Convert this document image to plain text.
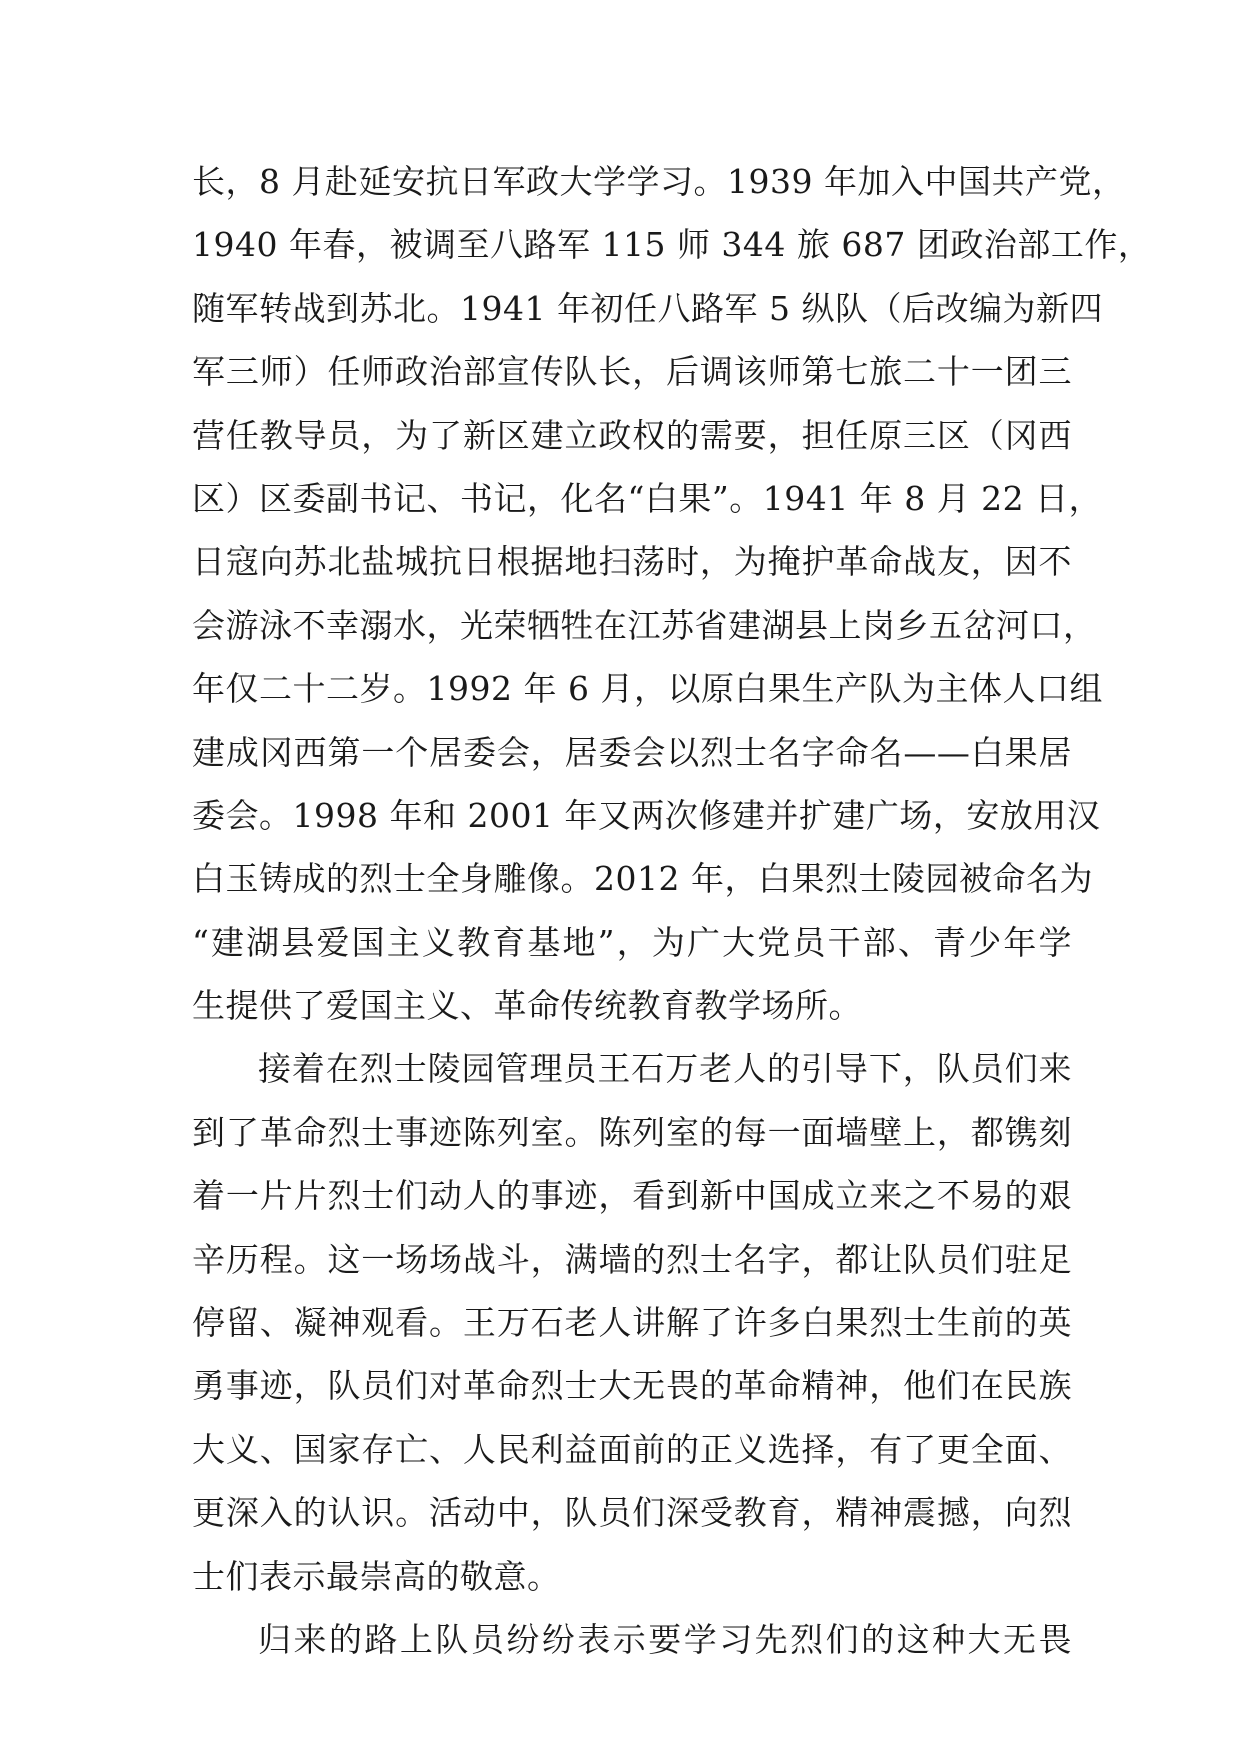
长，8 月赴延安抗日军政大学学习。1939 年加入中国共产党，
1940 年春，被调至八路军 115 师 344 旅 687 团政治部工作，
随军转战到苏北。1941 年初任八路军 5 纵队（后改编为新四
军三师）任师政治部宣传队长，后调该师第七旅二十一团三
营任教导员，为了新区建立政权的需要，担任原三区（冈西
区）区委副书记、书记，化名“白果”。1941 年 8 月 22 日，
日寇向苏北盐城抗日根据地扫荡时，为掩护革命战友，因不
会游泳不幸溺水，光荣牺牲在江苏省建湖县上岗乡五岔河口，
年仅二十二岁。1992 年 6 月，以原白果生产队为主体人口组
建成冈西第一个居委会，居委会以烈士名字命名——白果居
委会。1998 年和 2001 年又两次修建并扩建广场，安放用汉
白玉铸成的烈士全身雕像。2012 年，白果烈士陵园被命名为
“建湖县爱国主义教育基地”，为广大党员干部、青少年学
生提供了爱国主义、革命传统教育教学场所。
接着在烈士陵园管理员王石万老人的引导下，队员们来
到了革命烈士事迹陈列室。陈列室的每一面墙壁上，都镌刻
着一片片烈士们动人的事迹，看到新中国成立来之不易的艰
辛历程。这一场场战斗，满墙的烈士名字，都让队员们驻足
停留、凝神观看。王万石老人讲解了许多白果烈士生前的英
勇事迹，队员们对革命烈士大无畏的革命精神，他们在民族
大义、国家存亡、人民利益面前的正义选择，有了更全面、
更深入的认识。活动中，队员们深受教育，精神震撼，向烈
士们表示最崇高的敬意。
归来的路上队员纷纷表示要学习先烈们的这种大无畏
